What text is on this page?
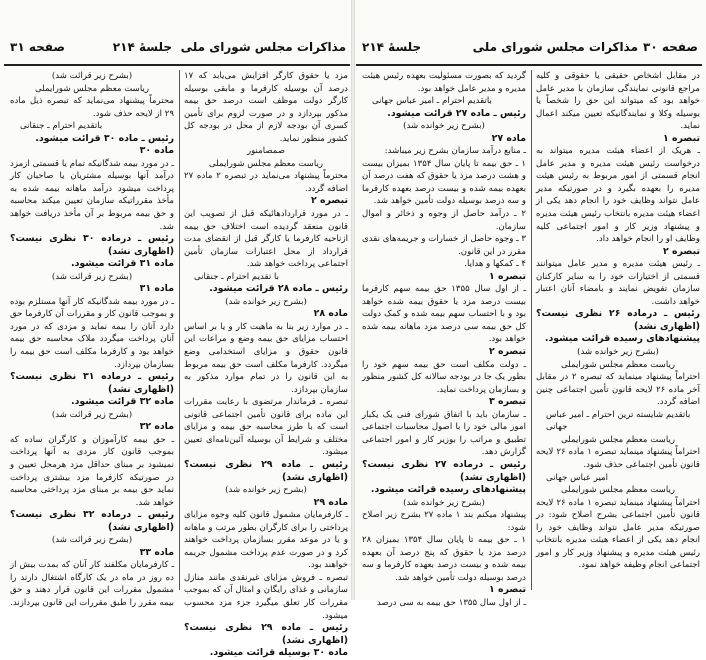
مذاکرات مجلس شورای ملی
جلسهٔ ۲۱۴
صفحه ۳۱

مزد یا حقوق کارگر افزایش می‌یابد که ۱۷ درصد آن بوسیله کارفرما و مابقی بوسیله کارگر دولت موظف است درصد حق بیمه مذکور بپردازد و در صورت لزوم برای تأمین کسری آن بودجه لازم از محل در بودجه کل کشور منظور نماید.

صمصامنور

ریاست معظم مجلس شورایملی

محترماً پیشنهاد می‌نماید در تبصره ۲ ماده ۲۷ اضافه گردد.

تبصره ۲

ـ در مورد قراردادهائیکه قبل از تصویب این قانون منعقد گردیده است اختلاف حق بیمه ازناحیه کارفرما یا کارگر قبل از انقضای مدت قرارداد از محل اعتبارات سازمان تأمین اجتماعی پرداخت خواهد شد.

با تقدیم احترام ـ جنقانی

رئیس ـ ماده ۲۸ قرائت میشود.

(بشرح زیر خوانده شد)

ماده ۲۸

ـ در موارد زیر بنا به ماهیت کار و یا بر اساس احتساب مزایای حق بیمه وضع و مراعات این قانون حقوق و مزایای استخدامی وضع میگردد. کارفرما مکلف است حق بیمه مربوط به این قانون را در تمام موارد مذکور به سازمان بپردازد.

تبصره ـ فرماندار مرتضوی با رعایت مقررات این ماده برای قانون تأمین اجتماعی قانونی است که با طرز محاسبه حق بیمه و مزایای مختلف و شرایط آن بوسیله آئین‌نامه‌ای تعیین میشود.

رئیس ـ ماده ۲۹ نظری نیست؟ (اظهاری نشد)

(بشرح زیر خوانده شد)

ماده ۲۹

ـ کارفرمایان مشمول قانون کلیه وجوه مزایای پرداختی را برای کارگران بطور مرتب و ماهانه و یا در موعد مقرر بسازمان پرداخت خواهند کرد و در صورت عدم پرداخت مشمول جریمه خواهند بود.

تبصره ـ فروش مزایای غیرنقدی مانند منازل سازمانی و غذای رایگان و امثال آن که بموجب مقررات کار تعلق میگیرد جزء مزد محسوب میشود.

رئیس ـ ماده ۲۹ نظری نیست؟ (اظهاری نشد)

ماده ۳۰ بوسیله قرائت میشود.

(بشرح زیر قرائت شد)

ریاست معظم مجلس شورایملی

محترماً پیشنهاد می‌نماید که تبصره ذیل ماده ۲۹ از لایحه حذف شود.

باتقدیم احترام ـ جنقانی

رئیس ـ ماده ۳۰ قرائت میشود.

ماده ۳۰

ـ در مورد بیمه شدگانیکه تمام یا قسمتی ازمزد درآمد آنها بوسیله مشتریان یا صاحبان کار پرداخت میشود درآمد ماهانه بیمه شده به مأخذ مقرراتیکه سازمان تعیین میکند محاسبه و حق بیمه مربوط بر آن مأخذ دریافت خواهد شد.

رئیس ـ درماده ۳۰ نظری نیست؟ (اظهاری نشد)

ماده ۳۱ قرائت میشود.

(بشرح زیر قرائت شد)

ماده ۳۱

ـ در مورد بیمه شدگانیکه کار آنها مستلزم بوده و بموجب قانون کار و مقررات آن کارفرما حق دارد آنان را بیمه نماید و مزدی که در مورد آنان پرداخت میگردد ملاک محاسبه حق بیمه خواهد بود و کارفرما مکلف است حق بیمه را بسازمان بپردازد.

رئیس ـ درماده ۳۱ نظری نیست؟ (اظهاری نشد)

ماده ۳۲ قرائت میشود.

(بشرح زیر قرائت شد)

ماده ۳۲

ـ حق بیمه کارآموزان و کارگران ساده که بموجب قانون کار مزدی به آنها پرداخت نمیشود بر مبنای حداقل مزد هرمحل تعیین و در صورتیکه کارفرما مزد بیشتری پرداخت نماید حق بیمه بر مبنای مزد پرداختی محاسبه خواهد شد.

رئیس ـ درماده ۳۲ نظری نیست؟ (اظهاری نشد)

(بشرح زیر قرائت شد)

ماده ۳۳

ـ کارفرمایان مکلفند کار آنان که بمدت بیش از ده روز در ماه در یک کارگاه اشتغال دارند را مشمول مقررات این قانون قرار دهند و حق بیمه مقرر را طبق مقررات این قانون بپردازند.

صفحه ۳۰
مذاکرات مجلس شورای ملی
جلسهٔ ۲۱۴

در مقابل اشخاص حقیقی یا حقوقی و کلیه مراجع قانونی نمایندگی سازمان با مدیر عامل خواهد بود که میتواند این حق را شخصاً یا بوسیله وکلا و نمایندگانیکه تعیین میکند اعمال نماید.

تبصره ۱

ـ هریک از اعضاء هیئت مدیره میتواند به درخواست رئیس هیئت مدیره و مدیر عامل انجام قسمتی از امور مربوط به رئیس هیئت مدیره را بعهده بگیرد و در صورتیکه مدیر عامل نتواند وظایف خود را انجام دهد یکی از اعضاء هیئت مدیره بانتخاب رئیس هیئت مدیره و پیشنهاد وزیر کار و امور اجتماعی کلیه وظایف او را انجام خواهد داد.

تبصره ۲

ـ رئیس هیئت مدیره و مدیر عامل میتوانند قسمتی از اختیارات خود را به سایر کارکنان سازمان تفویض نمایند و بامضاء آنان اعتبار خواهد داشت.

رئیس ـ درماده ۲۶ نظری نیست؟ (اظهاری نشد)

پیشنهادهای رسیده قرائت میشود.

(بشرح زیر خوانده شد)

ریاست معظم مجلس شورایملی

احتراماً پیشنهاد مینماید که تبصره ۲ در مقابل آخر ماده ۲۶ لایحه قانون تأمین اجتماعی چنین اضافه گردد.

باتقدیم شایسته ترین احترام ـ امیر عباس جهانی

ریاست معظم مجلس شورایملی

احتراماً پیشنهاد مینماید تبصره ۱ ماده ۲۶ لایحه قانون تأمین اجتماعی حذف شود.

امیر عباس جهانی

ریاست معظم مجلس شورایملی

احتراماً پیشنهاد مینماید تبصره ۱ ماده ۲۶ لایحه قانون تأمین اجتماعی بشرح اصلاح شود: در صورتیکه مدیر عامل نتواند وظایف خود را انجام دهد یکی از اعضاء هیئت مدیره بانتخاب رئیس هیئت مدیره و پیشنهاد وزیر کار و امور اجتماعی انجام وظیفه خواهد نمود.

گردید که بصورت مسئولیت بعهده رئیس هیئت مدیره و مدیر عامل خواهد بود.

باتقدیم احترام ـ امیر عباس جهانی

رئیس ـ ماده ۲۷ قرائت میشود.

(بشرح زیر خوانده شد)

ماده ۲۷

ـ منابع درآمد سازمان بشرح زیر میباشد:

۱ ـ حق بیمه تا پایان سال ۱۳۵۴ بمیزان بیست و هشت درصد مزد یا حقوق که هفت درصد آن بعهده بیمه شده و بیست درصد بعهده کارفرما و سه درصد بوسیله دولت تأمین خواهد شد.

۲ ـ درآمد حاصل از وجوه و ذخائر و اموال سازمان.

۳ ـ وجوه حاصل از خسارات و جریمه‌های نقدی مقرر در این قانون.

۴ ـ کمکها و هدایا.

تبصره ۱

ـ از اول سال ۱۳۵۵ حق بیمه سهم کارفرما بیست درصد مزد یا حقوق بیمه شده خواهد بود و با احتساب سهم بیمه شده و کمک دولت کل حق بیمه سی درصد مزد ماهانه بیمه شده خواهد بود.

تبصره ۲

ـ دولت مکلف است حق بیمه سهم خود را بطور یک جا در بودجه سالانه کل کشور منظور و بسازمان پرداخت نماید.

تبصره ۳

ـ سازمان باید با اتفاق شورای فنی یک یکبار امور مالی خود را با اصول محاسبات اجتماعی تطبیق و مراتب را بوزیر کار و امور اجتماعی گزارش دهد.

رئیس ـ درماده ۲۷ نظری نیست؟ (اظهاری نشد)

پیشنهادهای رسیده قرائت میشود.

(بشرح زیر خوانده شد)

پیشنهاد میکنم بند ۱ ماده ۲۷ بشرح زیر اصلاح شود:

۱ ـ حق بیمه تا پایان سال ۱۳۵۴ بمیزان ۲۸ درصد مزد یا حقوق که پنج درصد آن بعهده بیمه شده و بیست درصد بعهده کارفرما و سه درصد بوسیله دولت تأمین خواهد شد.

تبصره ۱

ـ از اول سال ۱۳۵۵ حق بیمه به سی درصد
